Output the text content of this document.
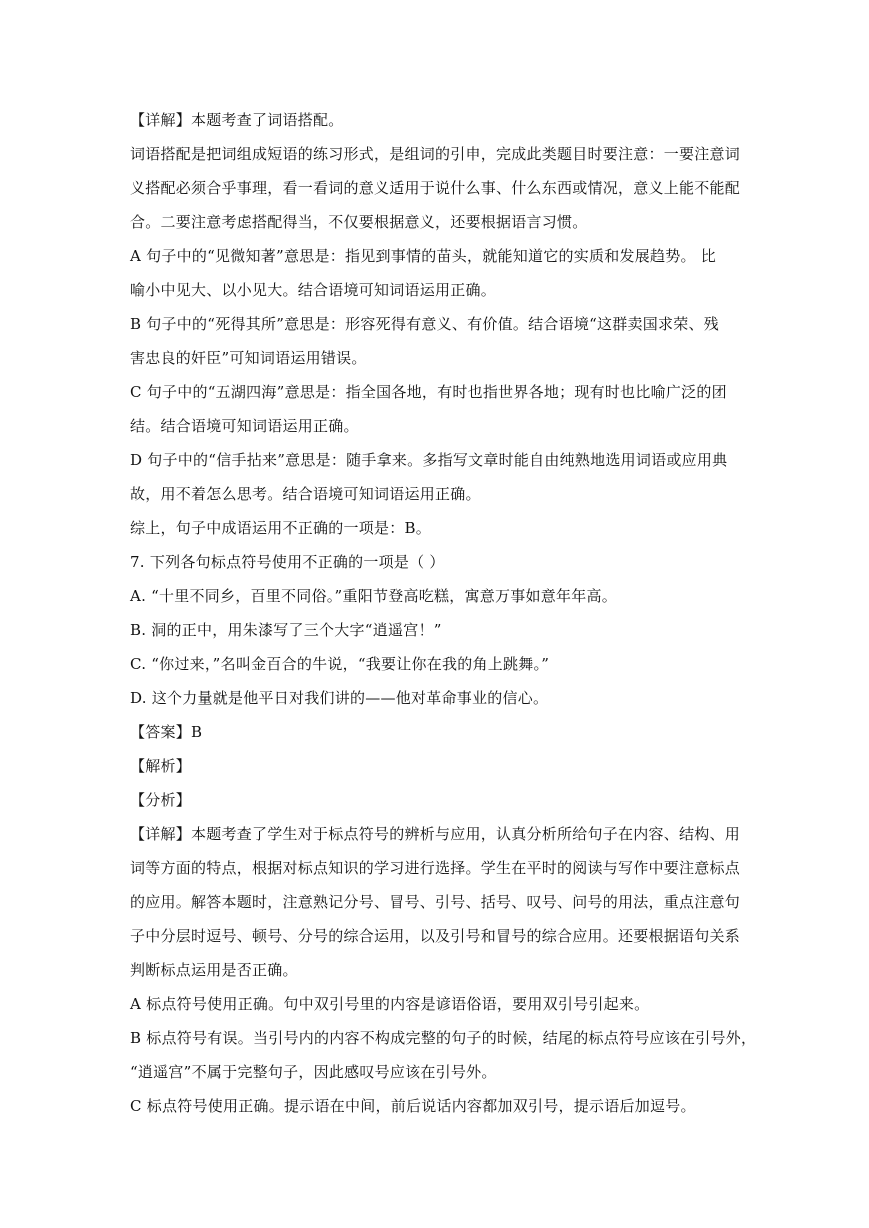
【详解】本题考查了词语搭配。
词语搭配是把词组成短语的练习形式，是组词的引申，完成此类题目时要注意：一要注意词
义搭配必须合乎事理，看一看词的意义适用于说什么事、什么东西或情况，意义上能不能配
合。二要注意考虑搭配得当，不仅要根据意义，还要根据语言习惯。
A 句子中的“见微知著”意思是：指见到事情的苗头，就能知道它的实质和发展趋势。 比
喻小中见大、以小见大。结合语境可知词语运用正确。
B 句子中的“死得其所”意思是：形容死得有意义、有价值。结合语境“这群卖国求荣、残
害忠良的奸臣”可知词语运用错误。
C 句子中的“五湖四海”意思是：指全国各地，有时也指世界各地；现有时也比喻广泛的团
结。结合语境可知词语运用正确。
D 句子中的“信手拈来”意思是：随手拿来。多指写文章时能自由纯熟地选用词语或应用典
故，用不着怎么思考。结合语境可知词语运用正确。
综上，句子中成语运用不正确的一项是：B。
7. 下列各句标点符号使用不正确的一项是（ ）
A. “十里不同乡，百里不同俗。”重阳节登高吃糕，寓意万事如意年年高。
B. 洞的正中，用朱漆写了三个大字“逍遥宫！”
C. “你过来，”名叫金百合的牛说，“我要让你在我的角上跳舞。”
D. 这个力量就是他平日对我们讲的——他对革命事业的信心。
【答案】B
【解析】
【分析】
【详解】本题考查了学生对于标点符号的辨析与应用，认真分析所给句子在内容、结构、用
词等方面的特点，根据对标点知识的学习进行选择。学生在平时的阅读与写作中要注意标点
的应用。解答本题时，注意熟记分号、冒号、引号、括号、叹号、问号的用法，重点注意句
子中分层时逗号、顿号、分号的综合运用，以及引号和冒号的综合应用。还要根据语句关系
判断标点运用是否正确。
A 标点符号使用正确。句中双引号里的内容是谚语俗语，要用双引号引起来。
B 标点符号有误。当引号内的内容不构成完整的句子的时候，结尾的标点符号应该在引号外，
“逍遥宫”不属于完整句子，因此感叹号应该在引号外。
C 标点符号使用正确。提示语在中间，前后说话内容都加双引号，提示语后加逗号。
